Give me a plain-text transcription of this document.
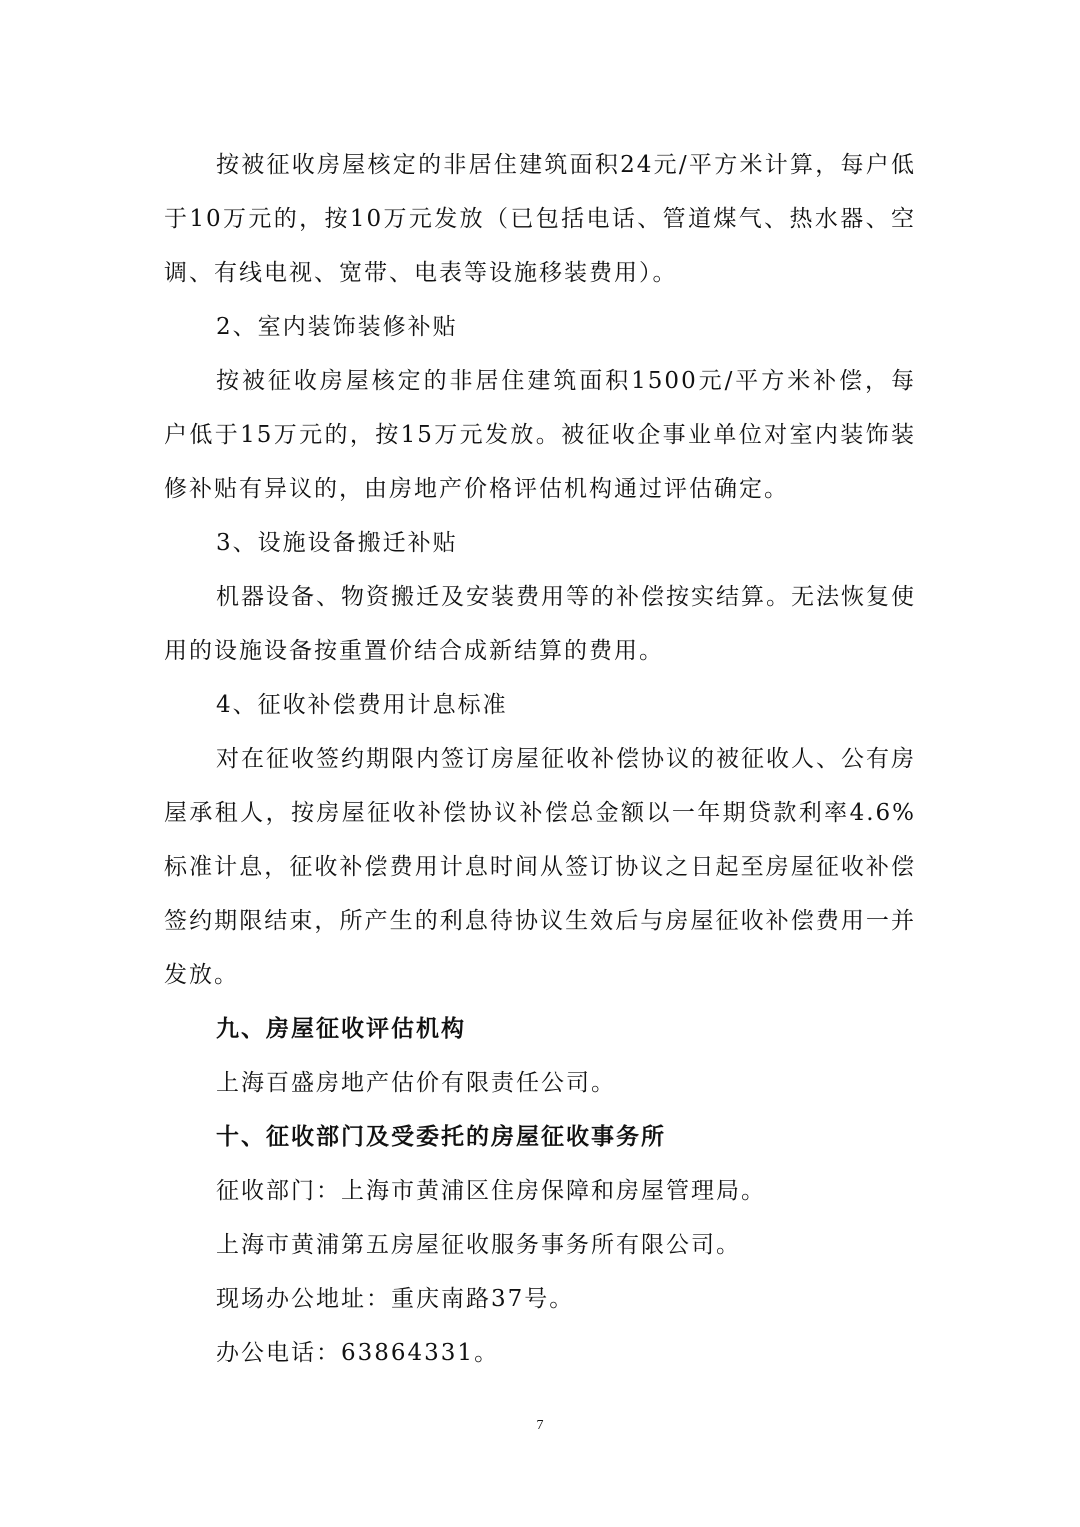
按被征收房屋核定的非居住建筑面积24元/平方米计算，每户低于10万元的，按10万元发放（已包括电话、管道煤气、热水器、空调、有线电视、宽带、电表等设施移装费用）。

2、室内装饰装修补贴

按被征收房屋核定的非居住建筑面积1500元/平方米补偿，每户低于15万元的，按15万元发放。被征收企事业单位对室内装饰装修补贴有异议的，由房地产价格评估机构通过评估确定。

3、设施设备搬迁补贴

机器设备、物资搬迁及安装费用等的补偿按实结算。无法恢复使用的设施设备按重置价结合成新结算的费用。

4、征收补偿费用计息标准

对在征收签约期限内签订房屋征收补偿协议的被征收人、公有房屋承租人，按房屋征收补偿协议补偿总金额以一年期贷款利率4.6%标准计息，征收补偿费用计息时间从签订协议之日起至房屋征收补偿签约期限结束，所产生的利息待协议生效后与房屋征收补偿费用一并发放。

九、房屋征收评估机构

上海百盛房地产估价有限责任公司。

十、征收部门及受委托的房屋征收事务所

征收部门：上海市黄浦区住房保障和房屋管理局。

上海市黄浦第五房屋征收服务事务所有限公司。

现场办公地址：重庆南路37号。

办公电话：63864331。

7
